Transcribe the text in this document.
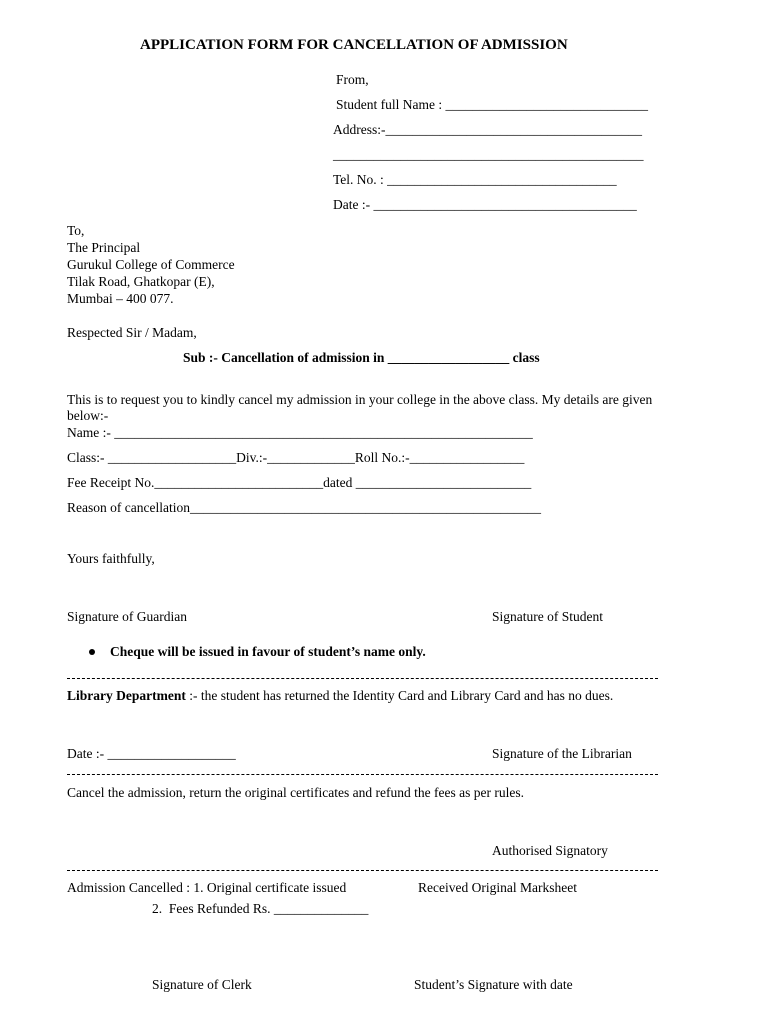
APPLICATION FORM FOR CANCELLATION OF ADMISSION
From,
Student full Name : ______________________________
Address:-______________________________________
______________________________________________
Tel. No. : __________________________________
Date :- _______________________________________
To,
The Principal
Gurukul College of Commerce
Tilak Road, Ghatkopar (E),
Mumbai – 400 077.
Respected Sir / Madam,
Sub :- Cancellation of admission in __________________ class
This is to request you to kindly cancel my admission in your college in the above class. My details are given
below:-
Name :- ______________________________________________________________
Class:- ___________________Div.:-_____________Roll No.:-_________________
Fee Receipt No._________________________dated __________________________
Reason of cancellation____________________________________________________
Yours faithfully,
Signature of Guardian	Signature of Student
Cheque will be issued in favour of student’s name only.
Library Department :- the student has returned the Identity Card and Library Card and has no dues.
Date :- ___________________	Signature of the Librarian
Cancel the admission, return the original certificates and refund the fees as per rules.
Authorised Signatory
Admission Cancelled : 1. Original certificate issued	Received Original Marksheet
2.  Fees Refunded Rs. ______________
Signature of Clerk	Student’s Signature with date
